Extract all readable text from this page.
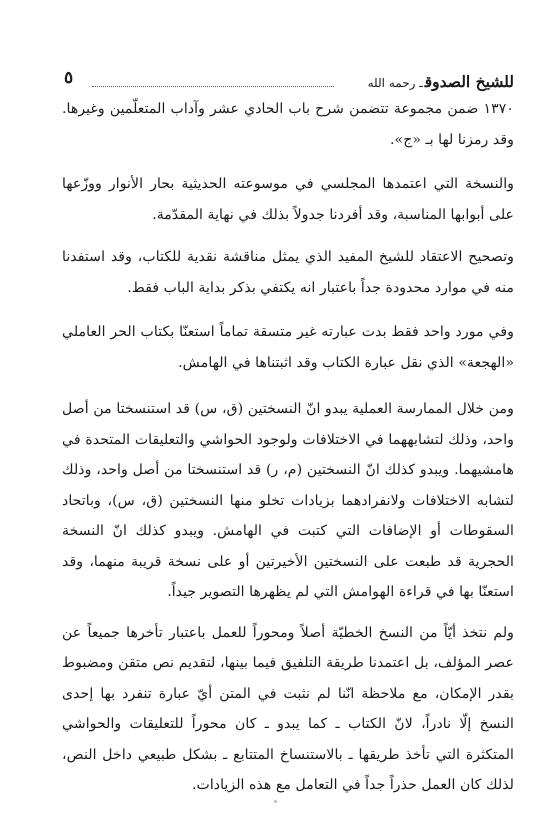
للشيخ الصدوقـ رحمه الله
٥

١٣٧٠ ضمن مجموعة تتضمن شرح باب الحادي عشر وآداب المتعلّمين وغيرها. وقد رمزنا لها بـ «ج».

والنسخة التي اعتمدها المجلسي في موسوعته الحديثية بحار الأنوار ووزّعها على أبوابها المناسبة، وقد أفردنا جدولاً بذلك في نهاية المقدّمة.

وتصحيح الاعتقاد للشيخ المفيد الذي يمثل مناقشة نقدية للكتاب، وقد استفدنا منه في موارد محدودة جداً باعتبار انه يكتفي بذكر بداية الباب فقط.

وفي مورد واحد فقط بدت عبارته غير متسقة تماماً استعنّا بكتاب الحر العاملي «الهجعة» الذي نقل عبارة الكتاب وقد اثبتناها في الهامش.

ومن خلال الممارسة العملية يبدو انّ النسختين (ق، س) قد استنسختا من أصل واحد، وذلك لتشابههما في الاختلافات ولوجود الحواشي والتعليقات المتحدة في هامشيهما. ويبدو كذلك انّ النسختين (م، ر) قد استنسختا من أصل واحد، وذلك لتشابه الاختلافات ولانفرادهما بزيادات تخلو منها النسختين (ق، س)، وباتحاد السقوطات أو الإضافات التي كتبت في الهامش. ويبدو كذلك انّ النسخة الحجرية قد طبعت على النسختين الأخيرتين أو على نسخة قريبة منهما، وقد استعنّا بها في قراءة الهوامش التي لم يظهرها التصوير جيداً.

ولم نتخذ أيّاً من النسخ الخطيّة أصلاً ومحوراً للعمل باعتبار تأخرها جميعاً عن عصر المؤلف، بل اعتمدنا طريقة التلفيق فيما بينها، لتقديم نص متقن ومضبوط بقدر الإمكان، مع ملاحظة انّنا لم نثبت في المتن أيّ عبارة تنفرد بها إحدى النسخ إلّا نادراً، لانّ الكتاب ـ كما يبدو ـ كان محوراً للتعليقات والحواشي المتكثرة التي تأخذ طريقها ـ بالاستنساخ المتتابع ـ بشكل طبيعي داخل النص، لذلك كان العمل حذراً جداً في التعامل مع هذه الزيادات.
